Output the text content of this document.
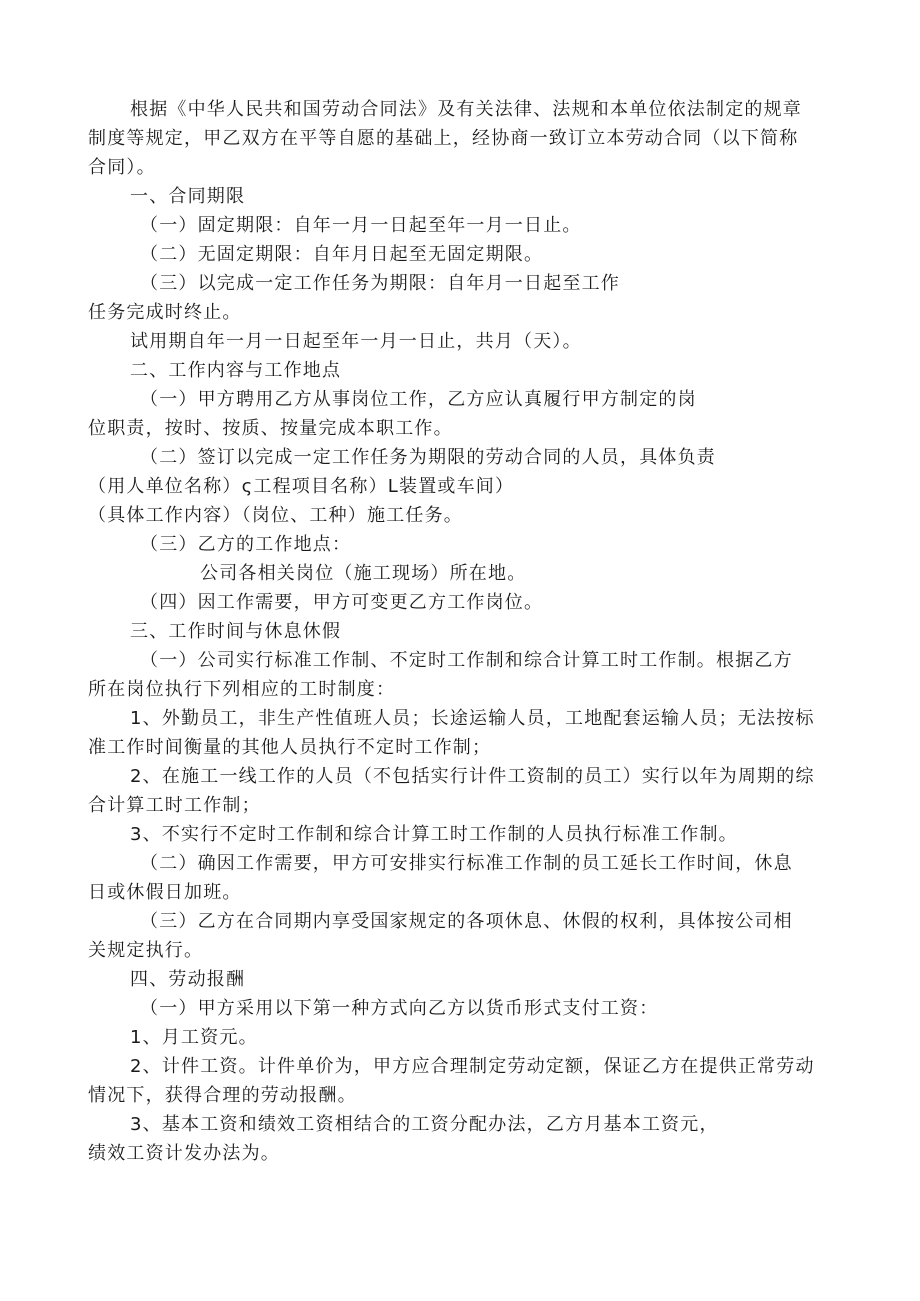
根据《中华人民共和国劳动合同法》及有关法律、法规和本单位依法制定的规章

制度等规定，甲乙双方在平等自愿的基础上，经协商一致订立本劳动合同（以下简称

合同）。

一、合同期限

（一）固定期限：自年一月一日起至年一月一日止。

（二）无固定期限：自年月日起至无固定期限。

（三）以完成一定工作任务为期限：自年月一日起至工作

任务完成时终止。

试用期自年一月一日起至年一月一日止，共月（天）。

二、工作内容与工作地点

（一）甲方聘用乙方从事岗位工作，乙方应认真履行甲方制定的岗

位职责，按时、按质、按量完成本职工作。

（二）签订以完成一定工作任务为期限的劳动合同的人员，具体负责

（用人单位名称）ς工程项目名称）L装置或车间）

（具体工作内容）（岗位、工种）施工任务。

（三）乙方的工作地点：

公司各相关岗位（施工现场）所在地。

（四）因工作需要，甲方可变更乙方工作岗位。

三、工作时间与休息休假

（一）公司实行标准工作制、不定时工作制和综合计算工时工作制。根据乙方

所在岗位执行下列相应的工时制度：

1、外勤员工，非生产性值班人员；长途运输人员，工地配套运输人员；无法按标

准工作时间衡量的其他人员执行不定时工作制；

2、在施工一线工作的人员（不包括实行计件工资制的员工）实行以年为周期的综

合计算工时工作制；

3、不实行不定时工作制和综合计算工时工作制的人员执行标准工作制。

（二）确因工作需要，甲方可安排实行标准工作制的员工延长工作时间，休息

日或休假日加班。

（三）乙方在合同期内享受国家规定的各项休息、休假的权利，具体按公司相

关规定执行。

四、劳动报酬

（一）甲方采用以下第一种方式向乙方以货币形式支付工资：

1、月工资元。

2、计件工资。计件单价为，甲方应合理制定劳动定额，保证乙方在提供正常劳动

情况下，获得合理的劳动报酬。

3、基本工资和绩效工资相结合的工资分配办法，乙方月基本工资元，

绩效工资计发办法为。
